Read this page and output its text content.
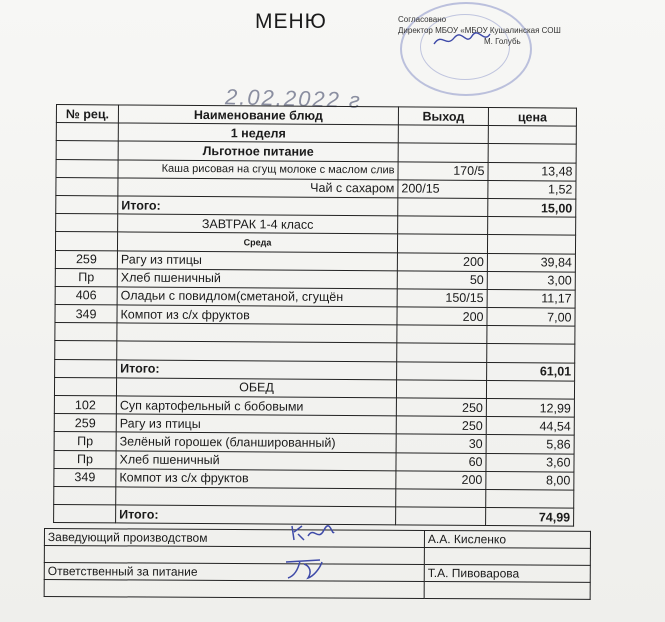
МЕНЮ	Согласовано
Директор МБОУ «МБОУ Кушалинская СОШ
М. Голубь
2.02.2022 г
№ рец.	Наименование блюд	Выход	цена
	1 неделя		
	Льготное питание		
	Каша рисовая на сгущ молоке с маслом слив	170/5	13,48
	Чай с сахаром	200/15	1,52
	Итого:		15,00
	ЗАВТРАК 1-4 класс		
	Среда		
259	Рагу из птицы	200	39,84
Пр	Хлеб пшеничный	50	3,00
406	Оладьи с повидлом(сметаной, сгущён	150/15	11,17
349	Компот из с/х фруктов	200	7,00

	Итого:		61,01
	ОБЕД		
102	Суп картофельный с бобовыми	250	12,99
259	Рагу из птицы	250	44,54
Пр	Зелёный горошек (бланшированный)	30	5,86
Пр	Хлеб пшеничный	60	3,60
349	Компот из с/х фруктов	200	8,00

	Итого:		74,99
Заведующий производством	А.А. Кисленко

Ответственный за питание	Т.А. Пивоварова
